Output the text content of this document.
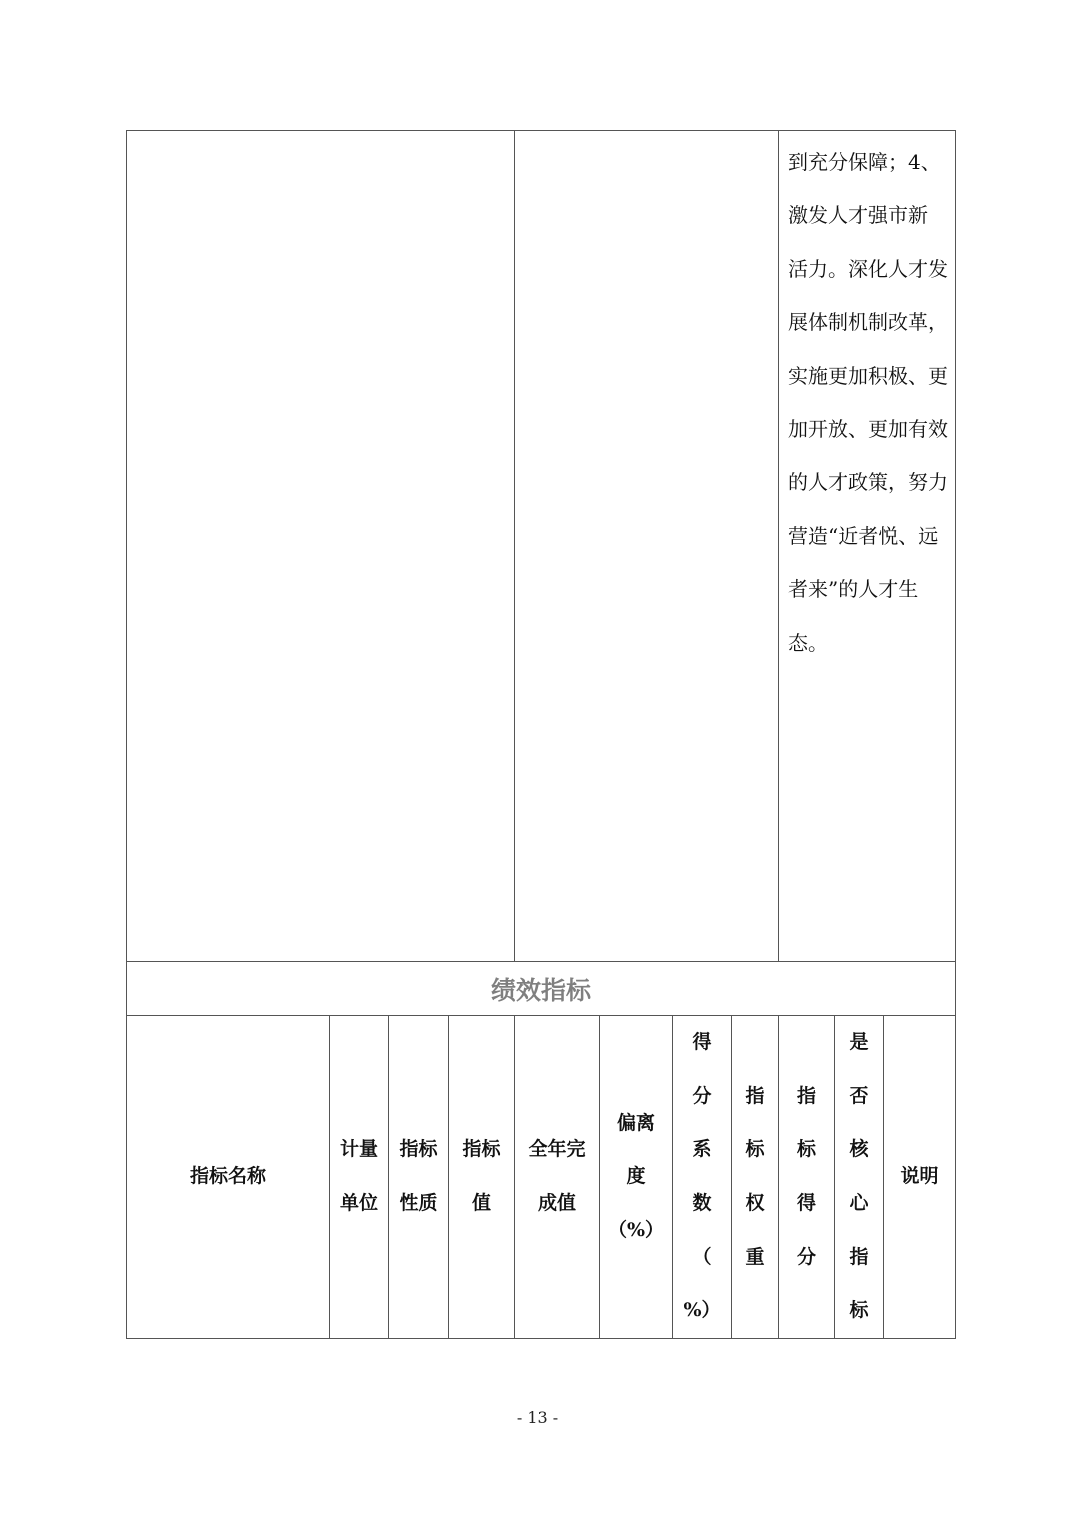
到充分保障；4、
激发人才强市新
活力。深化人才发
展体制机制改革，
实施更加积极、更
加开放、更加有效
的人才政策，努力
营造“近者悦、远
者来”的人才生
态。
绩效指标
指标名称
计量
单位
指标
性质
指标
值
全年完
成值
偏离
度
（%）
得
分
系
数
（
%）
指
标
权
重
指
标
得
分
是
否
核
心
指
标
说明
- 13 -
